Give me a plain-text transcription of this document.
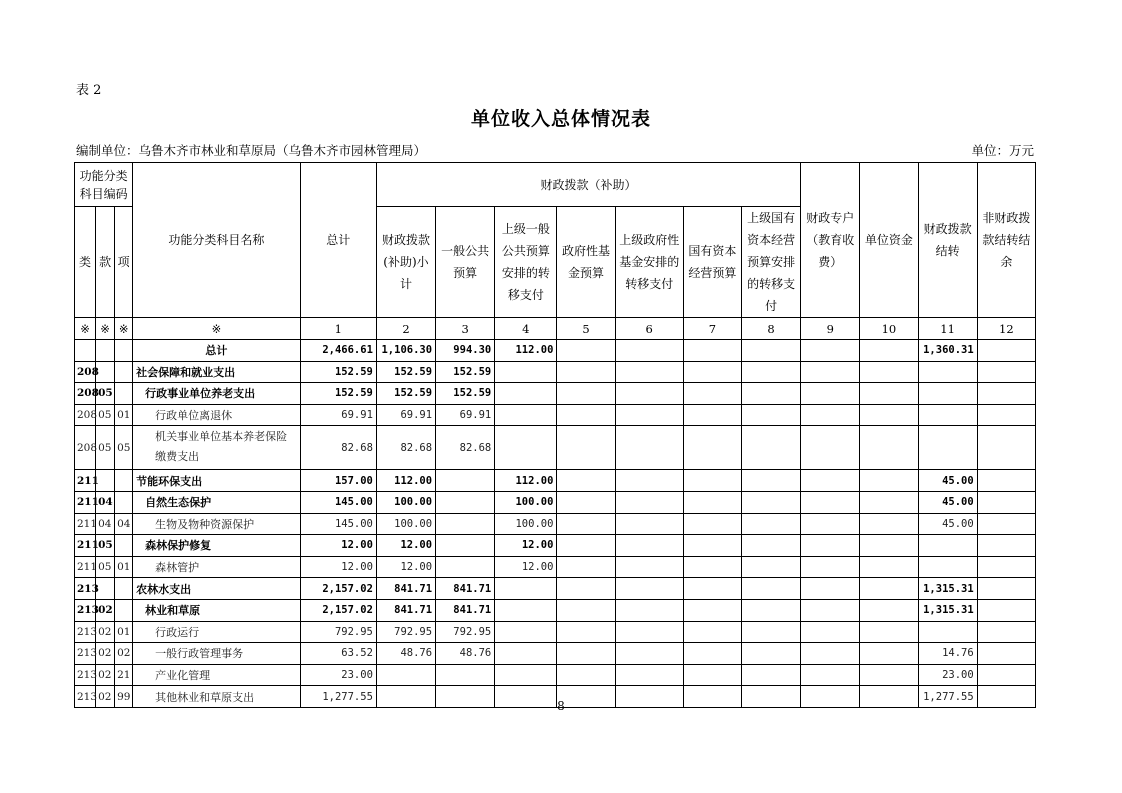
表 2
单位收入总体情况表
编制单位：乌鲁木齐市林业和草原局（乌鲁木齐市园林管理局）	单位：万元
功能分类科目编码			功能分类科目名称	总计	财政拨款（补助）							财政专户（教育收费）	单位资金	财政拨款结转	非财政拨款结转结余
类	款	项			财政拨款(补助)小计	一般公共预算	上级一般公共预算安排的转移支付	政府性基金预算	上级政府性基金安排的转移支付	国有资本经营预算	上级国有资本经营预算安排的转移支付				
※	※	※	※	1	2	3	4	5	6	7	8	9	10	11	12
			总计	2,466.61	1,106.30	994.30	112.00							1,360.31	
208			社会保障和就业支出	152.59	152.59	152.59									
208	05		行政事业单位养老支出	152.59	152.59	152.59									
208	05	01	行政单位离退休	69.91	69.91	69.91									
208	05	05	机关事业单位基本养老保险缴费支出	82.68	82.68	82.68									
211			节能环保支出	157.00	112.00		112.00							45.00	
211	04		自然生态保护	145.00	100.00		100.00							45.00	
211	04	04	生物及物种资源保护	145.00	100.00		100.00							45.00	
211	05		森林保护修复	12.00	12.00		12.00								
211	05	01	森林管护	12.00	12.00		12.00								
213			农林水支出	2,157.02	841.71	841.71								1,315.31	
213	02		林业和草原	2,157.02	841.71	841.71								1,315.31	
213	02	01	行政运行	792.95	792.95	792.95									
213	02	02	一般行政管理事务	63.52	48.76	48.76								14.76	
213	02	21	产业化管理	23.00										23.00	
213	02	99	其他林业和草原支出	1,277.55										1,277.55	
8
